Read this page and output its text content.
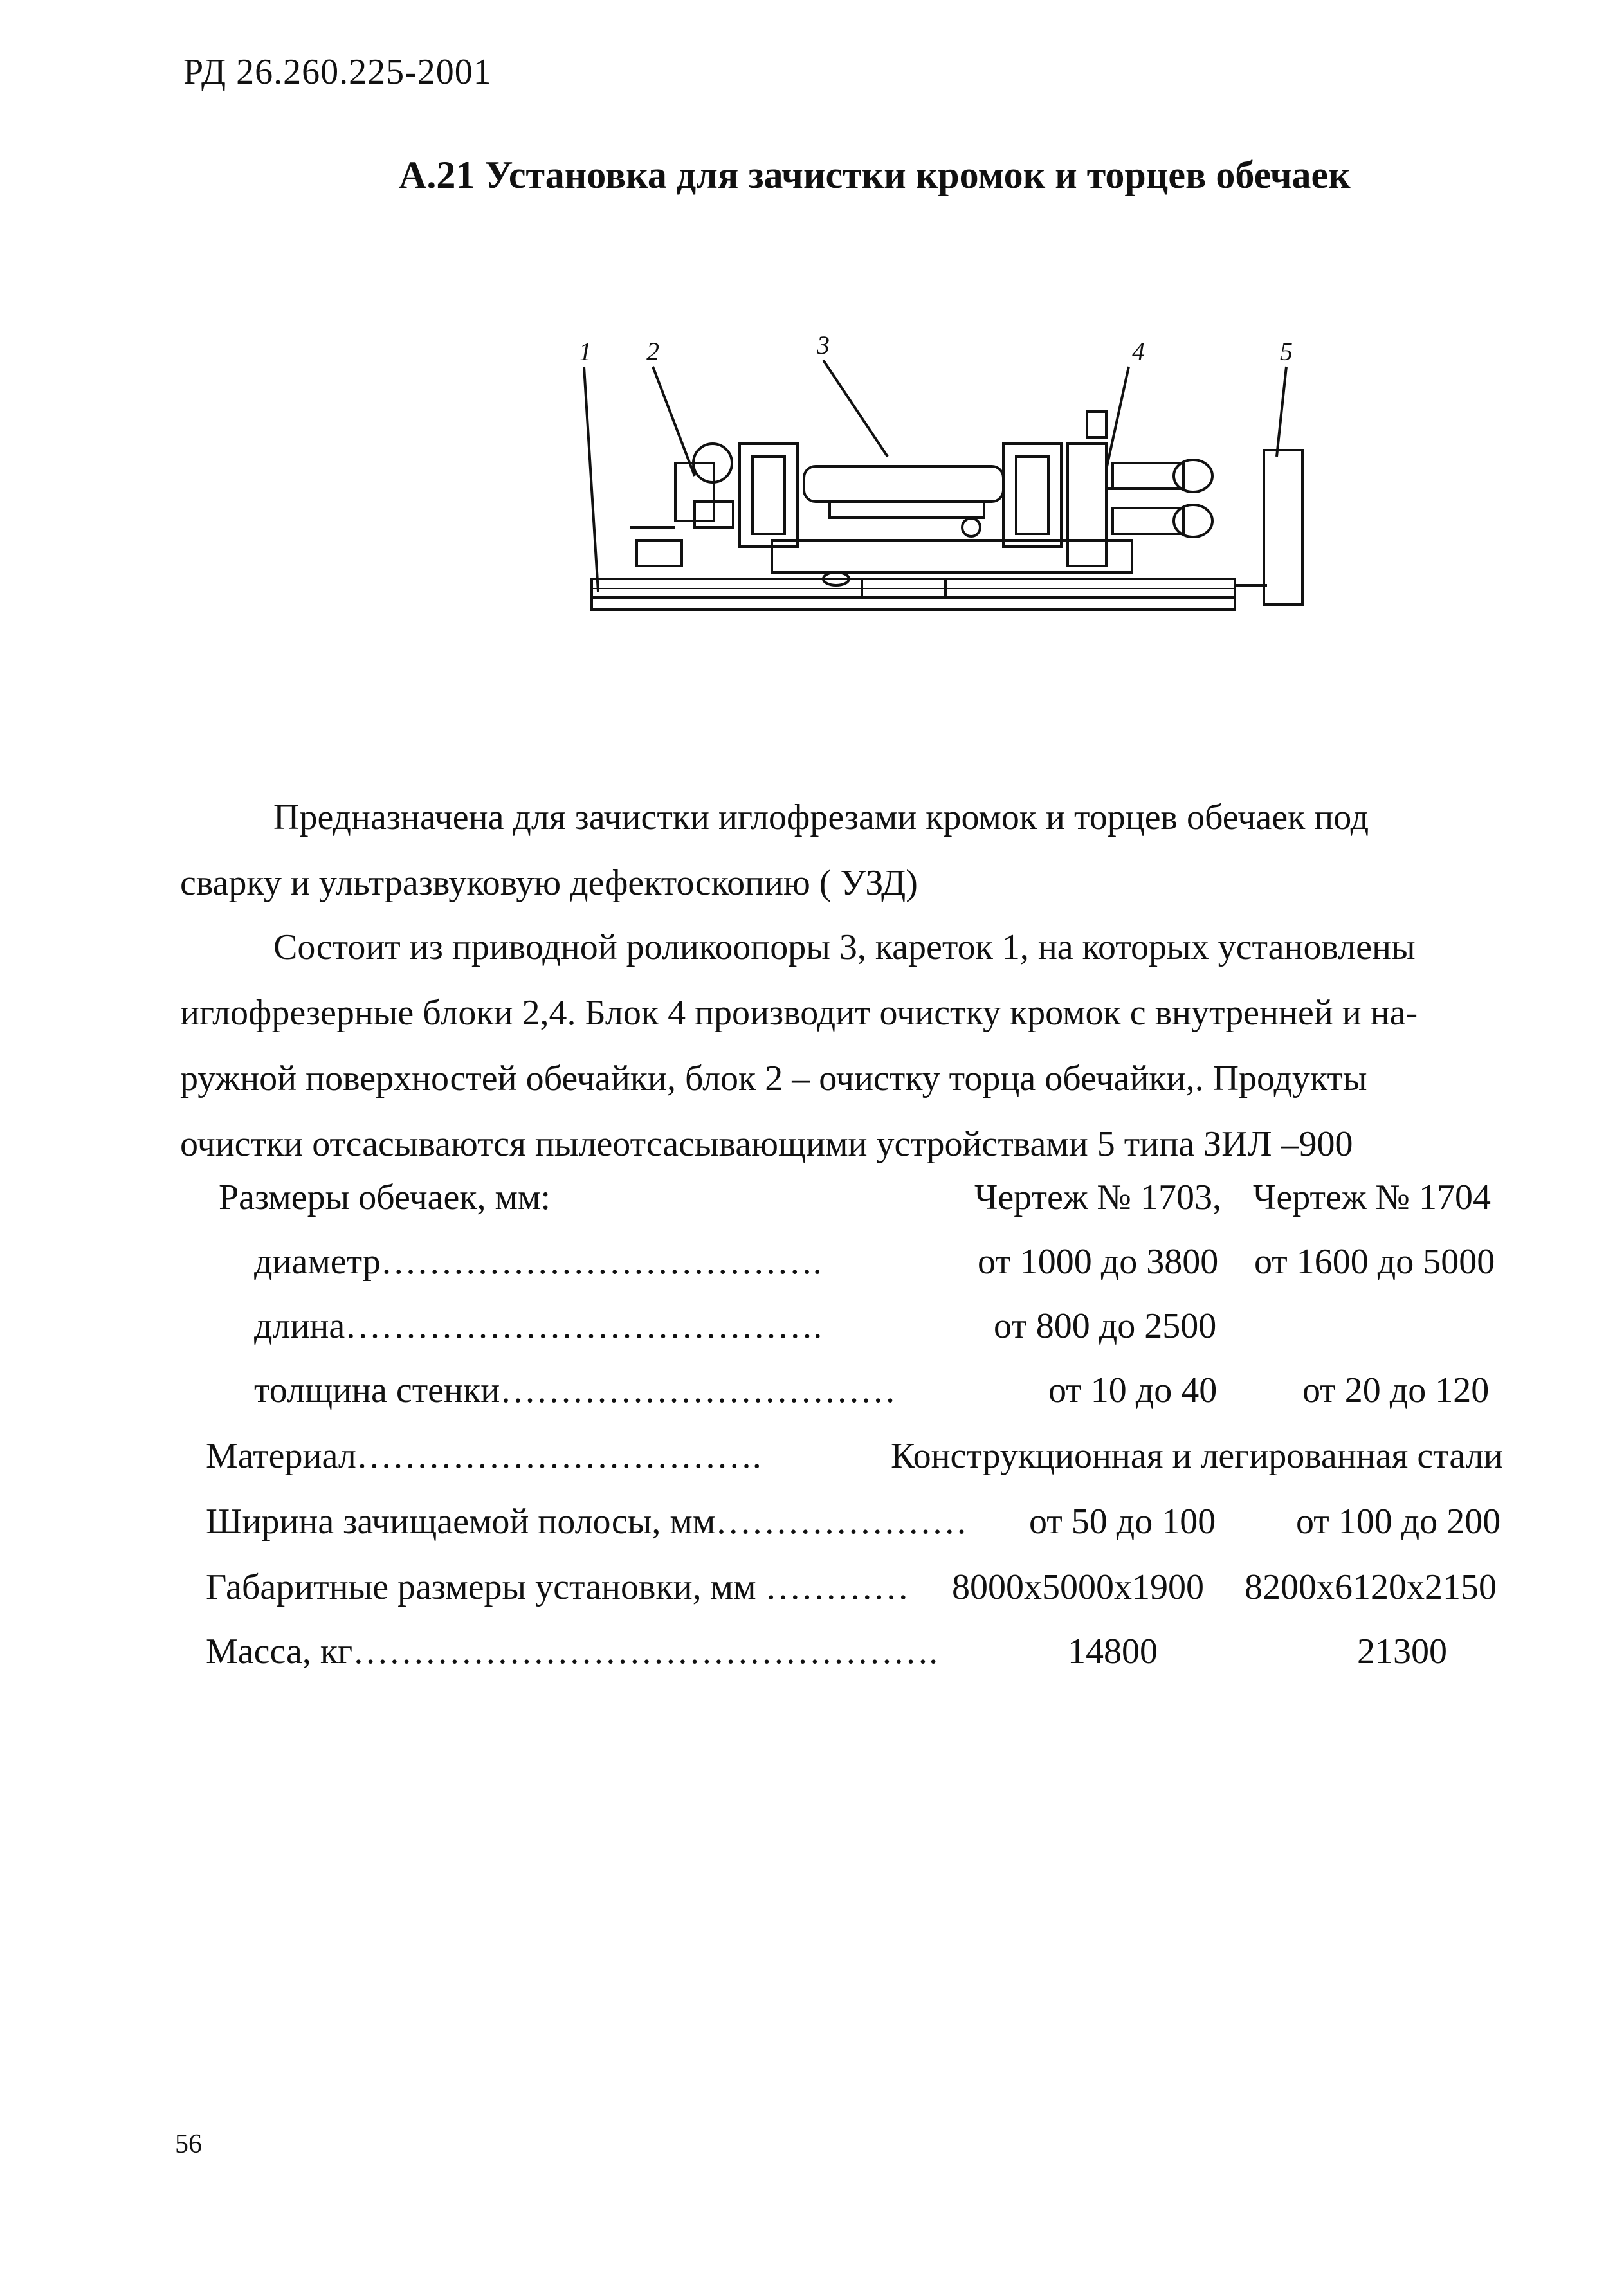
РД 26.260.225-2001
А.21 Установка для зачистки кромок и торцев обечаек
1 2	3	4	5

Предназначена для зачистки иглофрезами кромок и торцев обечаек под

сварку и ультразвуковую дефектоскопию ( УЗД)

Состоит из приводной роликоопоры 3, кареток 1, на которых установлены

иглофрезерные блоки 2,4. Блок 4 производит очистку кромок с внутренней и на-

ружной поверхностей обечайки, блок 2 – очистку торца обечайки,. Продукты

очистки отсасываются пылеотсасывающими устройствами 5 типа ЗИЛ –900

Размеры обечаек, мм:	Чертеж № 1703, Чертеж № 1704
диаметр……………………………….	от 1000 до 3800 от 1600 до 5000
длина………………………………….	от 800 до 2500
толщина стенки……………………………	от 10 до 40 от 20 до 120
Материал…………………………….	Конструкционная и легированная стали
Ширина зачищаемой полосы, мм………………… от 50 до 100 от 100 до 200
Габаритные размеры установки, мм ………… 8000x5000x1900 8200x6120x2150
Масса, кг………………………………………….	14800	21300
56
